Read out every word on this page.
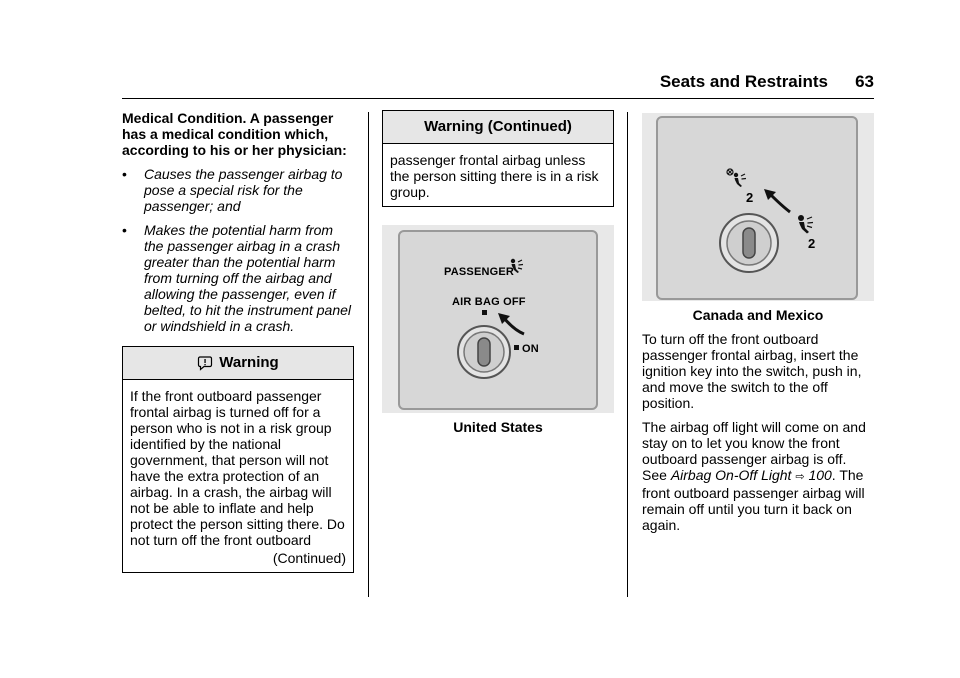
Seats and Restraints 63

Medical Condition. A passenger has a medical condition which, according to his or her physician:

•	Causes the passenger airbag to pose a special risk for the passenger; and
•	Makes the potential harm from the passenger airbag in a crash greater than the potential harm from turning off the airbag and allowing the passenger, even if belted, to hit the instrument panel or windshield in a crash.
Warning
If the front outboard passenger frontal airbag is turned off for a person who is not in a risk group identified by the national government, that person will not have the extra protection of an airbag. In a crash, the airbag will not be able to inflate and help protect the person sitting there. Do not turn off the front outboard
(Continued)
Warning (Continued)
passenger frontal airbag unless the person sitting there is in a risk group.
PASSENGER
AIR BAG OFF
ON
United States
2
2
Canada and Mexico

To turn off the front outboard passenger frontal airbag, insert the ignition key into the switch, push in, and move the switch to the off position.

The airbag off light will come on and stay on to let you know the front outboard passenger airbag is off. See Airbag On-Off Light ⇨ 100. The front outboard passenger airbag will remain off until you turn it back on again.
